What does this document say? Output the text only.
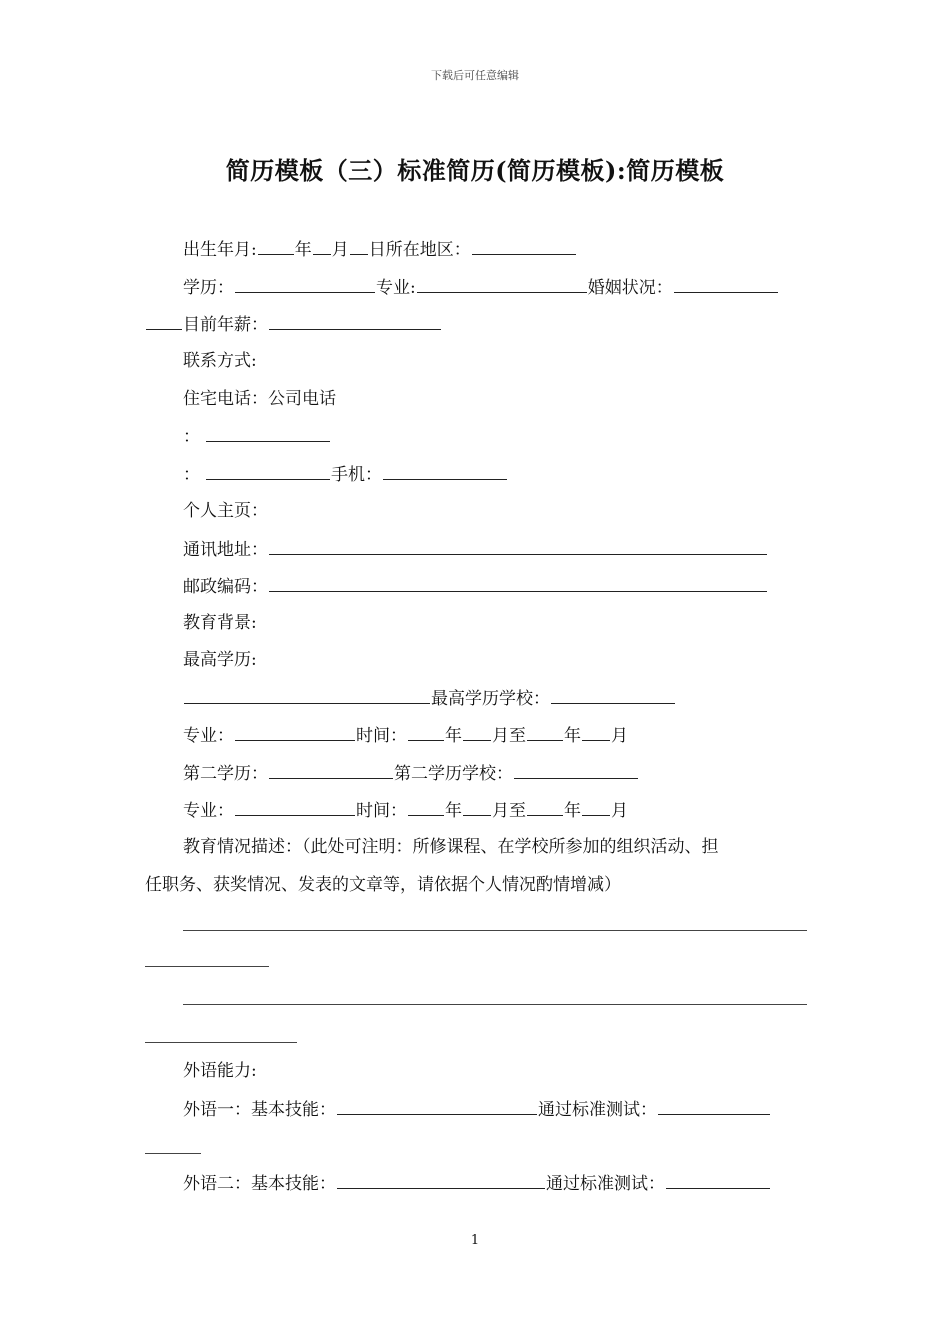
下载后可任意编辑
简历模板（三）标准简历(简历模板):简历模板
出生年月: 年 月 日所在地区：
学历：	专业:	婚姻状况：
目前年薪：
联系方式:
住宅电话：公司电话
：
：	手机：
个人主页：
通讯地址：
邮政编码：
教育背景:
最高学历:
最高学历学校：
专业：	时间： 年 月至 年 月
第二学历：	第二学历学校：
专业：	时间： 年 月至 年 月
教育情况描述：（此处可注明：所修课程、在学校所参加的组织活动、担
任职务、获奖情况、发表的文章等，请依据个人情况酌情增减）
外语能力:
外语一：基本技能：	通过标准测试：
外语二：基本技能：	通过标准测试：
1
